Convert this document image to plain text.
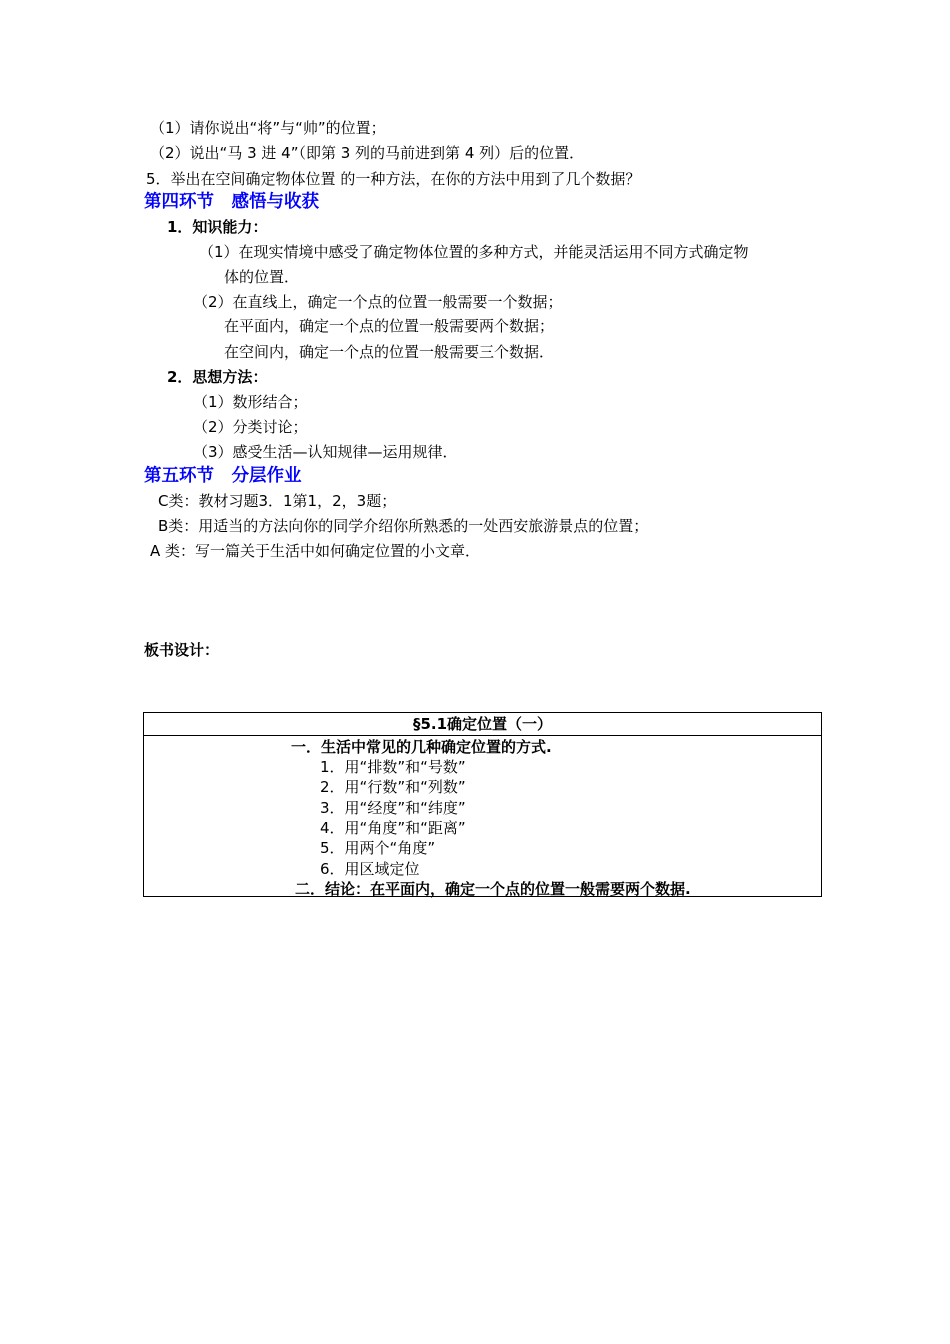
（1）请你说出“将”与“帅”的位置；
（2）说出“马 3 进 4”（即第 3 列的马前进到第 4 列）后的位置．
5．举出在空间确定物体位置 的一种方法，在你的方法中用到了几个数据？
第四环节　感悟与收获
1．知识能力：
（1）在现实情境中感受了确定物体位置的多种方式，并能灵活运用不同方式确定物
体的位置．
（2）在直线上，确定一个点的位置一般需要一个数据；
在平面内，确定一个点的位置一般需要两个数据；
在空间内，确定一个点的位置一般需要三个数据．
2．思想方法：
（1）数形结合；
（2）分类讨论；
（3）感受生活—认知规律—运用规律．
第五环节　分层作业
C类：教材习题3．1第1，2，3题；
B类：用适当的方法向你的同学介绍你所熟悉的一处西安旅游景点的位置；
A 类：写一篇关于生活中如何确定位置的小文章．
板书设计：
§5.1确定位置（一）
一．生活中常见的几种确定位置的方式.
1．用“排数”和“号数”
2．用“行数”和“列数”
3．用“经度”和“纬度”
4．用“角度”和“距离”
5．用两个“角度”
6．用区域定位
二．结论：在平面内，确定一个点的位置一般需要两个数据.
